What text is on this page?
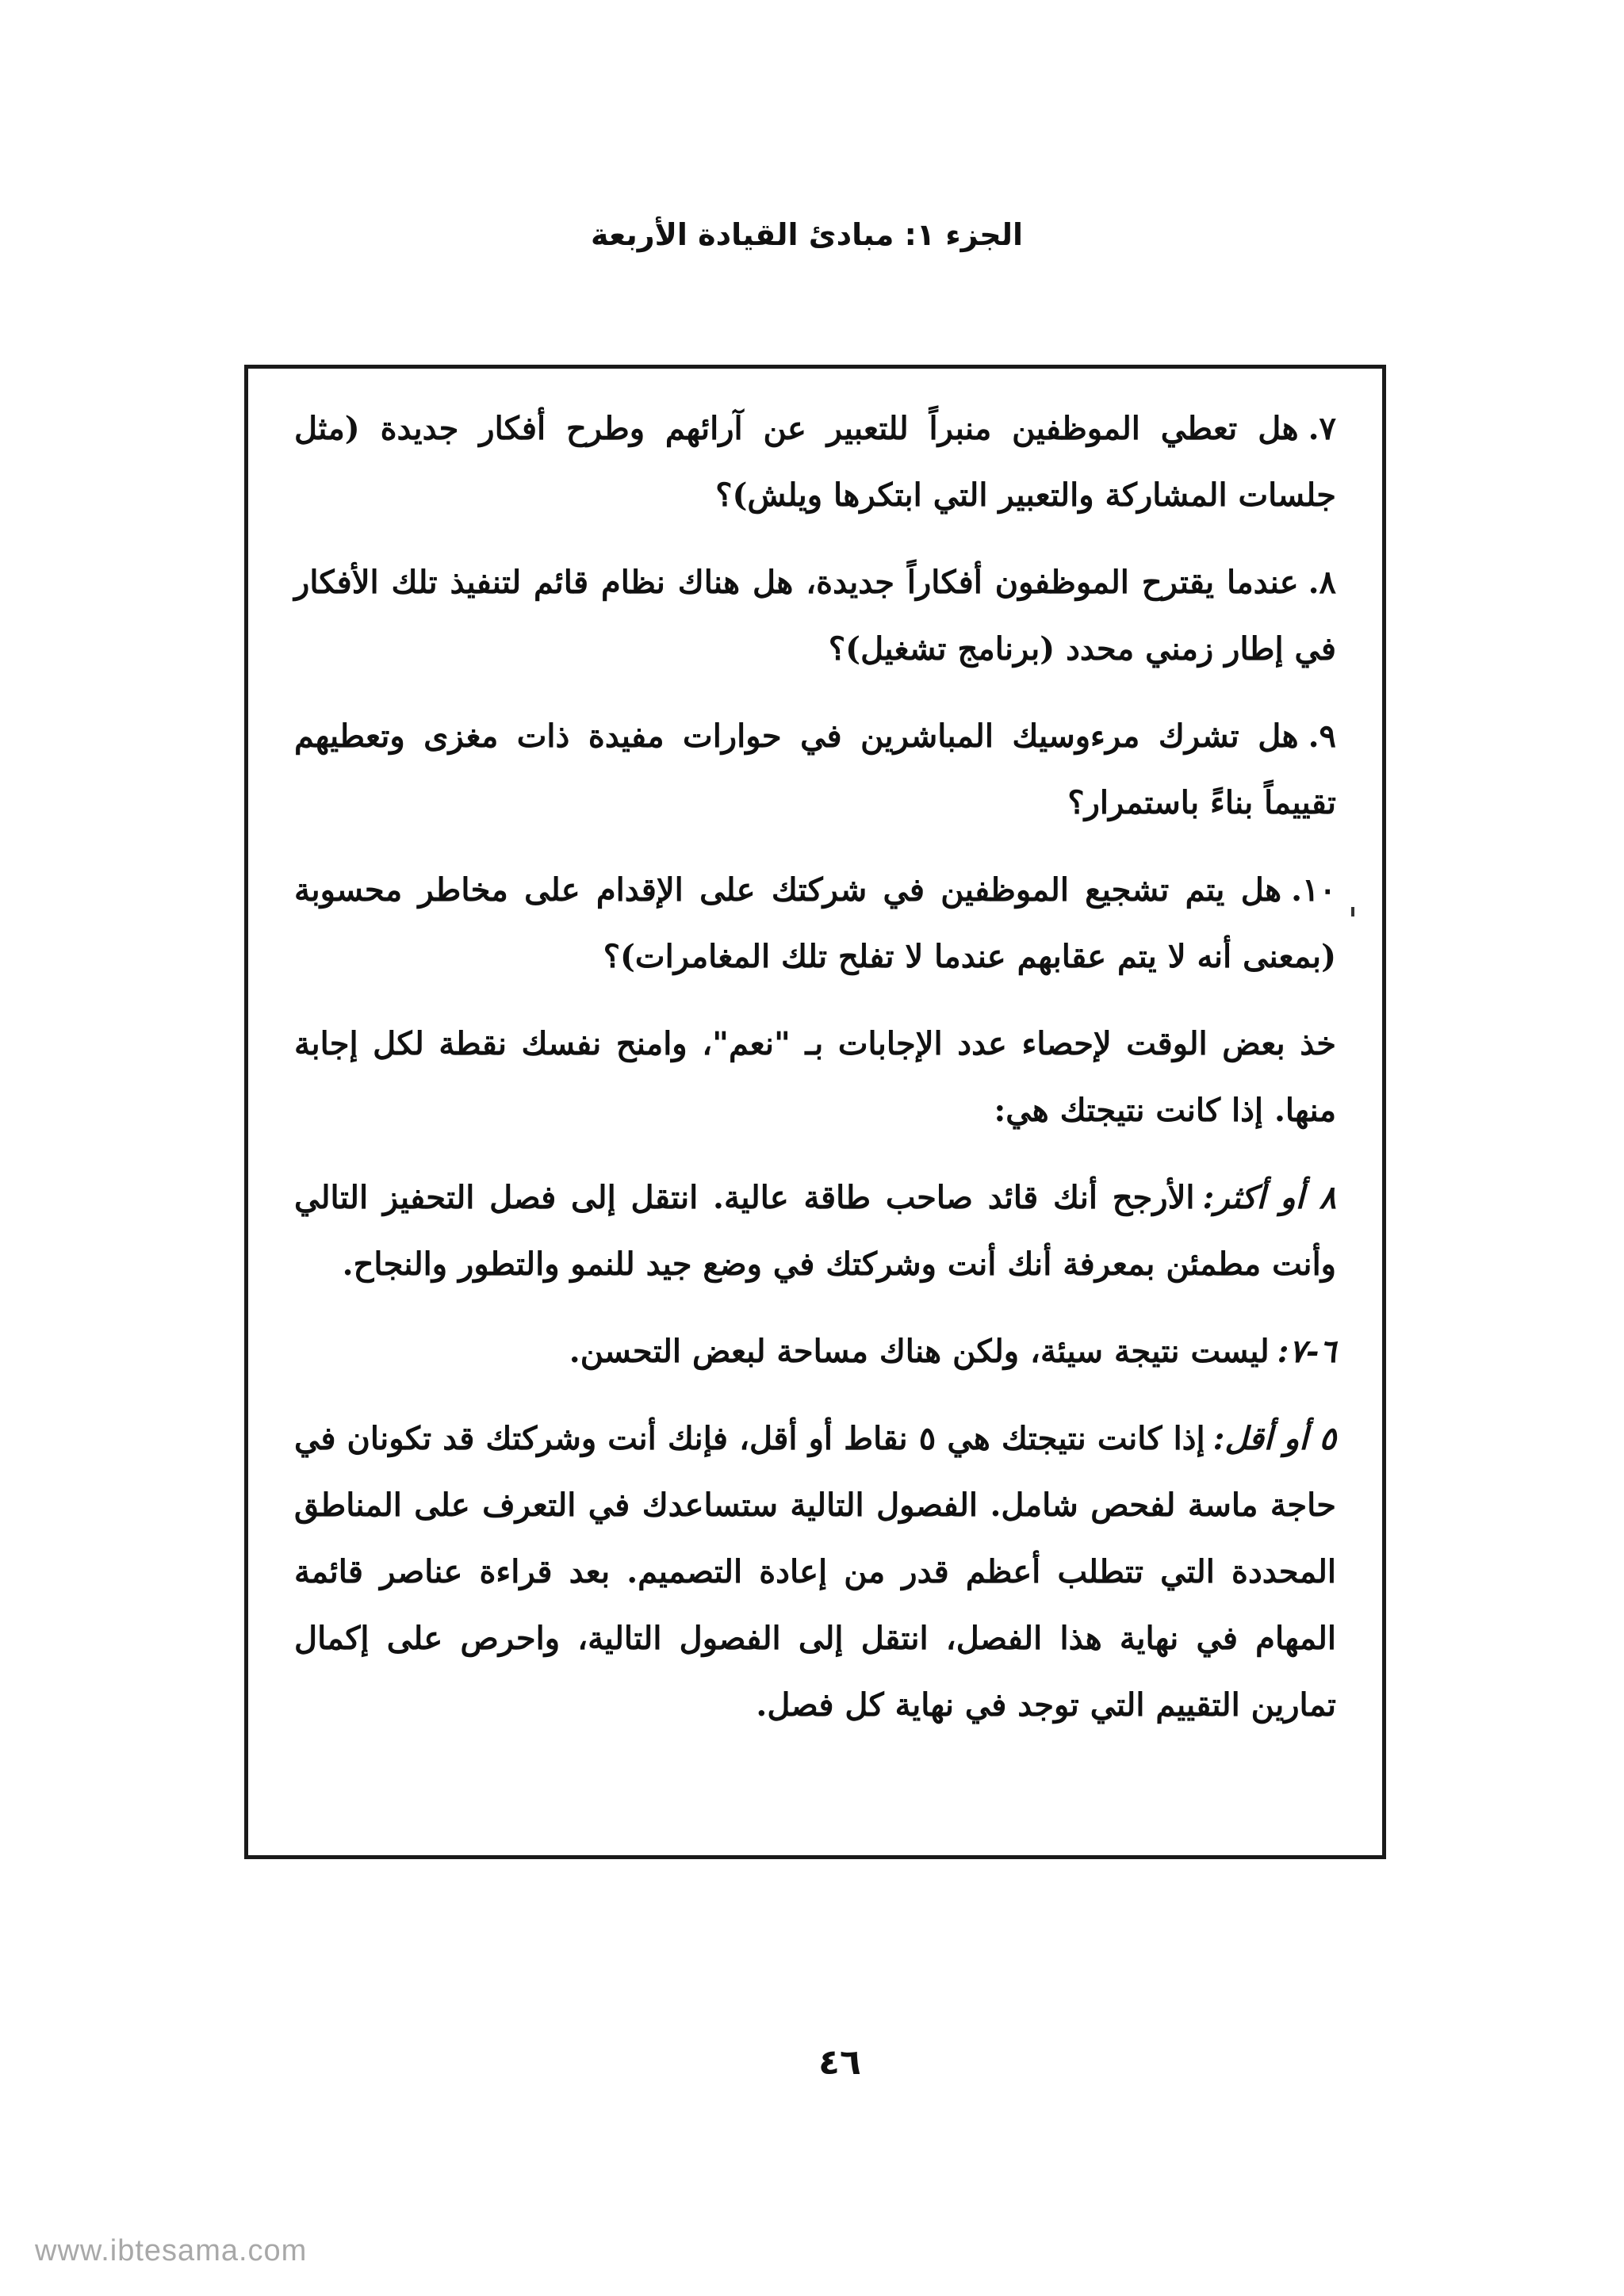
الجزء ١: مبادئ القيادة الأربعة

٧.هل تعطي الموظفين منبراً للتعبير عن آرائهم وطرح أفكار جديدة (مثل جلسات المشاركة والتعبير التي ابتكرها ويلش)؟

٨.عندما يقترح الموظفون أفكاراً جديدة، هل هناك نظام قائم لتنفيذ تلك الأفكار في إطار زمني محدد (برنامج تشغيل)؟

٩.هل تشرك مرءوسيك المباشرين في حوارات مفيدة ذات مغزى وتعطيهم تقييماً بناءً باستمرار؟

١٠.هل يتم تشجيع الموظفين في شركتك على الإقدام على مخاطر محسوبة (بمعنى أنه لا يتم عقابهم عندما لا تفلح تلك المغامرات)؟

خذ بعض الوقت لإحصاء عدد الإجابات بـ "نعم"، وامنح نفسك نقطة لكل إجابة منها. إذا كانت نتيجتك هي:

٨ أو أكثر:الأرجح أنك قائد صاحب طاقة عالية. انتقل إلى فصل التحفيز التالي وأنت مطمئن بمعرفة أنك أنت وشركتك في وضع جيد للنمو والتطور والنجاح.

٦-٧:ليست نتيجة سيئة، ولكن هناك مساحة لبعض التحسن.

٥ أو أقل:إذا كانت نتيجتك هي ٥ نقاط أو أقل، فإنك أنت وشركتك قد تكونان في حاجة ماسة لفحص شامل. الفصول التالية ستساعدك في التعرف على المناطق المحددة التي تتطلب أعظم قدر من إعادة التصميم. بعد قراءة عناصر قائمة المهام في نهاية هذا الفصل، انتقل إلى الفصول التالية، واحرص على إكمال تمارين التقييم التي توجد في نهاية كل فصل.

٤٦
www.ibtesama.com
